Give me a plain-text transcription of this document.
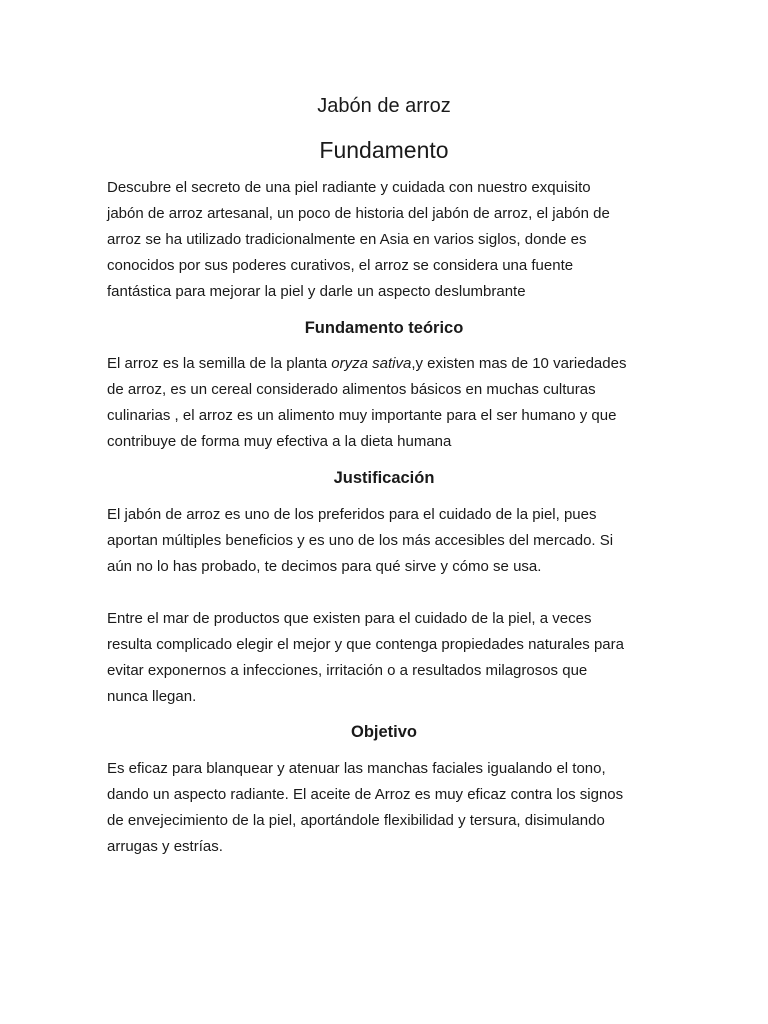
Jabón de arroz
Fundamento

Descubre el secreto de una piel radiante y cuidada con nuestro exquisito
jabón de arroz artesanal, un poco de historia del jabón de arroz, el jabón de
arroz se ha utilizado tradicionalmente en Asia en varios siglos, donde es
conocidos por sus poderes curativos, el arroz se considera una fuente
fantástica para mejorar la piel y darle un aspecto deslumbrante

Fundamento teórico

El arroz es la semilla de la planta oryza sativa,y existen mas de 10 variedades
de arroz, es un cereal considerado alimentos básicos en muchas culturas
culinarias , el arroz es un alimento muy importante para el ser humano y que
contribuye de forma muy efectiva a la dieta humana

Justificación

El jabón de arroz es uno de los preferidos para el cuidado de la piel, pues
aportan múltiples beneficios y es uno de los más accesibles del mercado. Si
aún no lo has probado, te decimos para qué sirve y cómo se usa.

Entre el mar de productos que existen para el cuidado de la piel, a veces
resulta complicado elegir el mejor y que contenga propiedades naturales para
evitar exponernos a infecciones, irritación o a resultados milagrosos que
nunca llegan.

Objetivo

Es eficaz para blanquear y atenuar las manchas faciales igualando el tono,
dando un aspecto radiante. El aceite de Arroz es muy eficaz contra los signos
de envejecimiento de la piel, aportándole flexibilidad y tersura, disimulando
arrugas y estrías.
